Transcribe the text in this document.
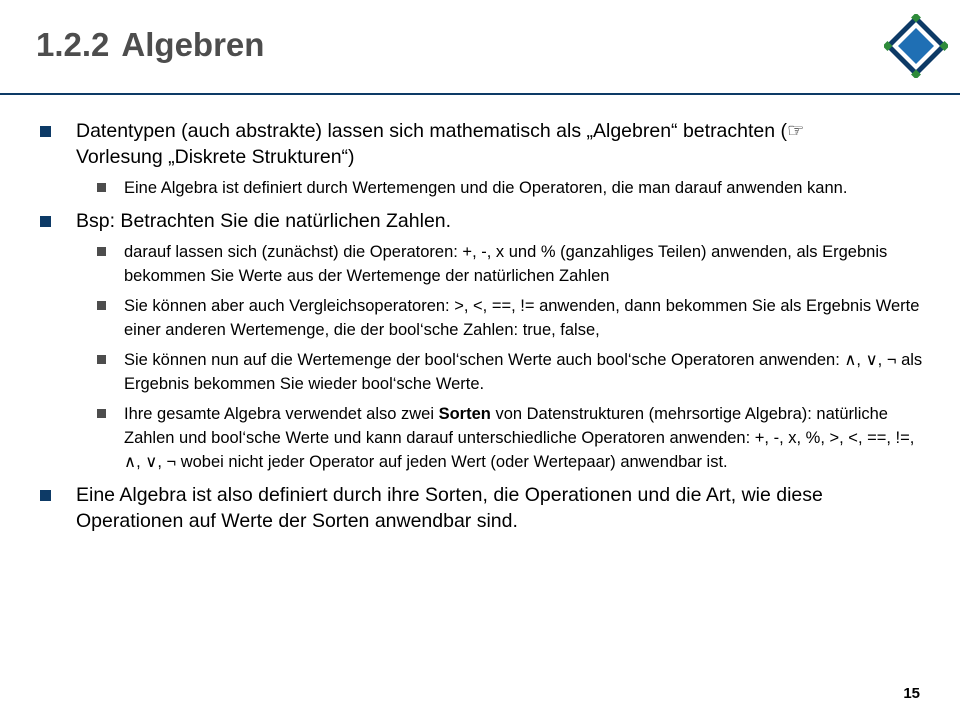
1.2.2 Algebren
Datentypen (auch abstrakte) lassen sich mathematisch als „Algebren“ betrachten (☞ Vorlesung „Diskrete Strukturen“)
Eine Algebra ist definiert durch Wertemengen und die Operatoren, die man darauf anwenden kann.
Bsp: Betrachten Sie die natürlichen Zahlen.
darauf lassen sich (zunächst) die Operatoren: +, -, x und % (ganzahliges Teilen) anwenden, als Ergebnis bekommen Sie Werte aus der Wertemenge der natürlichen Zahlen
Sie können aber auch Vergleichsoperatoren: >, <, ==, != anwenden, dann bekommen Sie als Ergebnis Werte einer anderen Wertemenge, die der bool‘sche Zahlen: true, false,
Sie können nun auf die Wertemenge der bool‘schen Werte auch bool‘sche Operatoren anwenden: ∧, ∨, ¬ als Ergebnis bekommen Sie wieder bool‘sche Werte.
Ihre gesamte Algebra verwendet also zwei Sorten von Datenstrukturen (mehrsortige Algebra): natürliche Zahlen und bool‘sche Werte und kann darauf unterschiedliche Operatoren anwenden: +, -, x, %, >, <, ==, !=, ∧, ∨, ¬ wobei nicht jeder Operator auf jeden Wert (oder Wertepaar) anwendbar ist.
Eine Algebra ist also definiert durch ihre Sorten, die Operationen und die Art, wie diese Operationen auf Werte der Sorten anwendbar sind.
15
